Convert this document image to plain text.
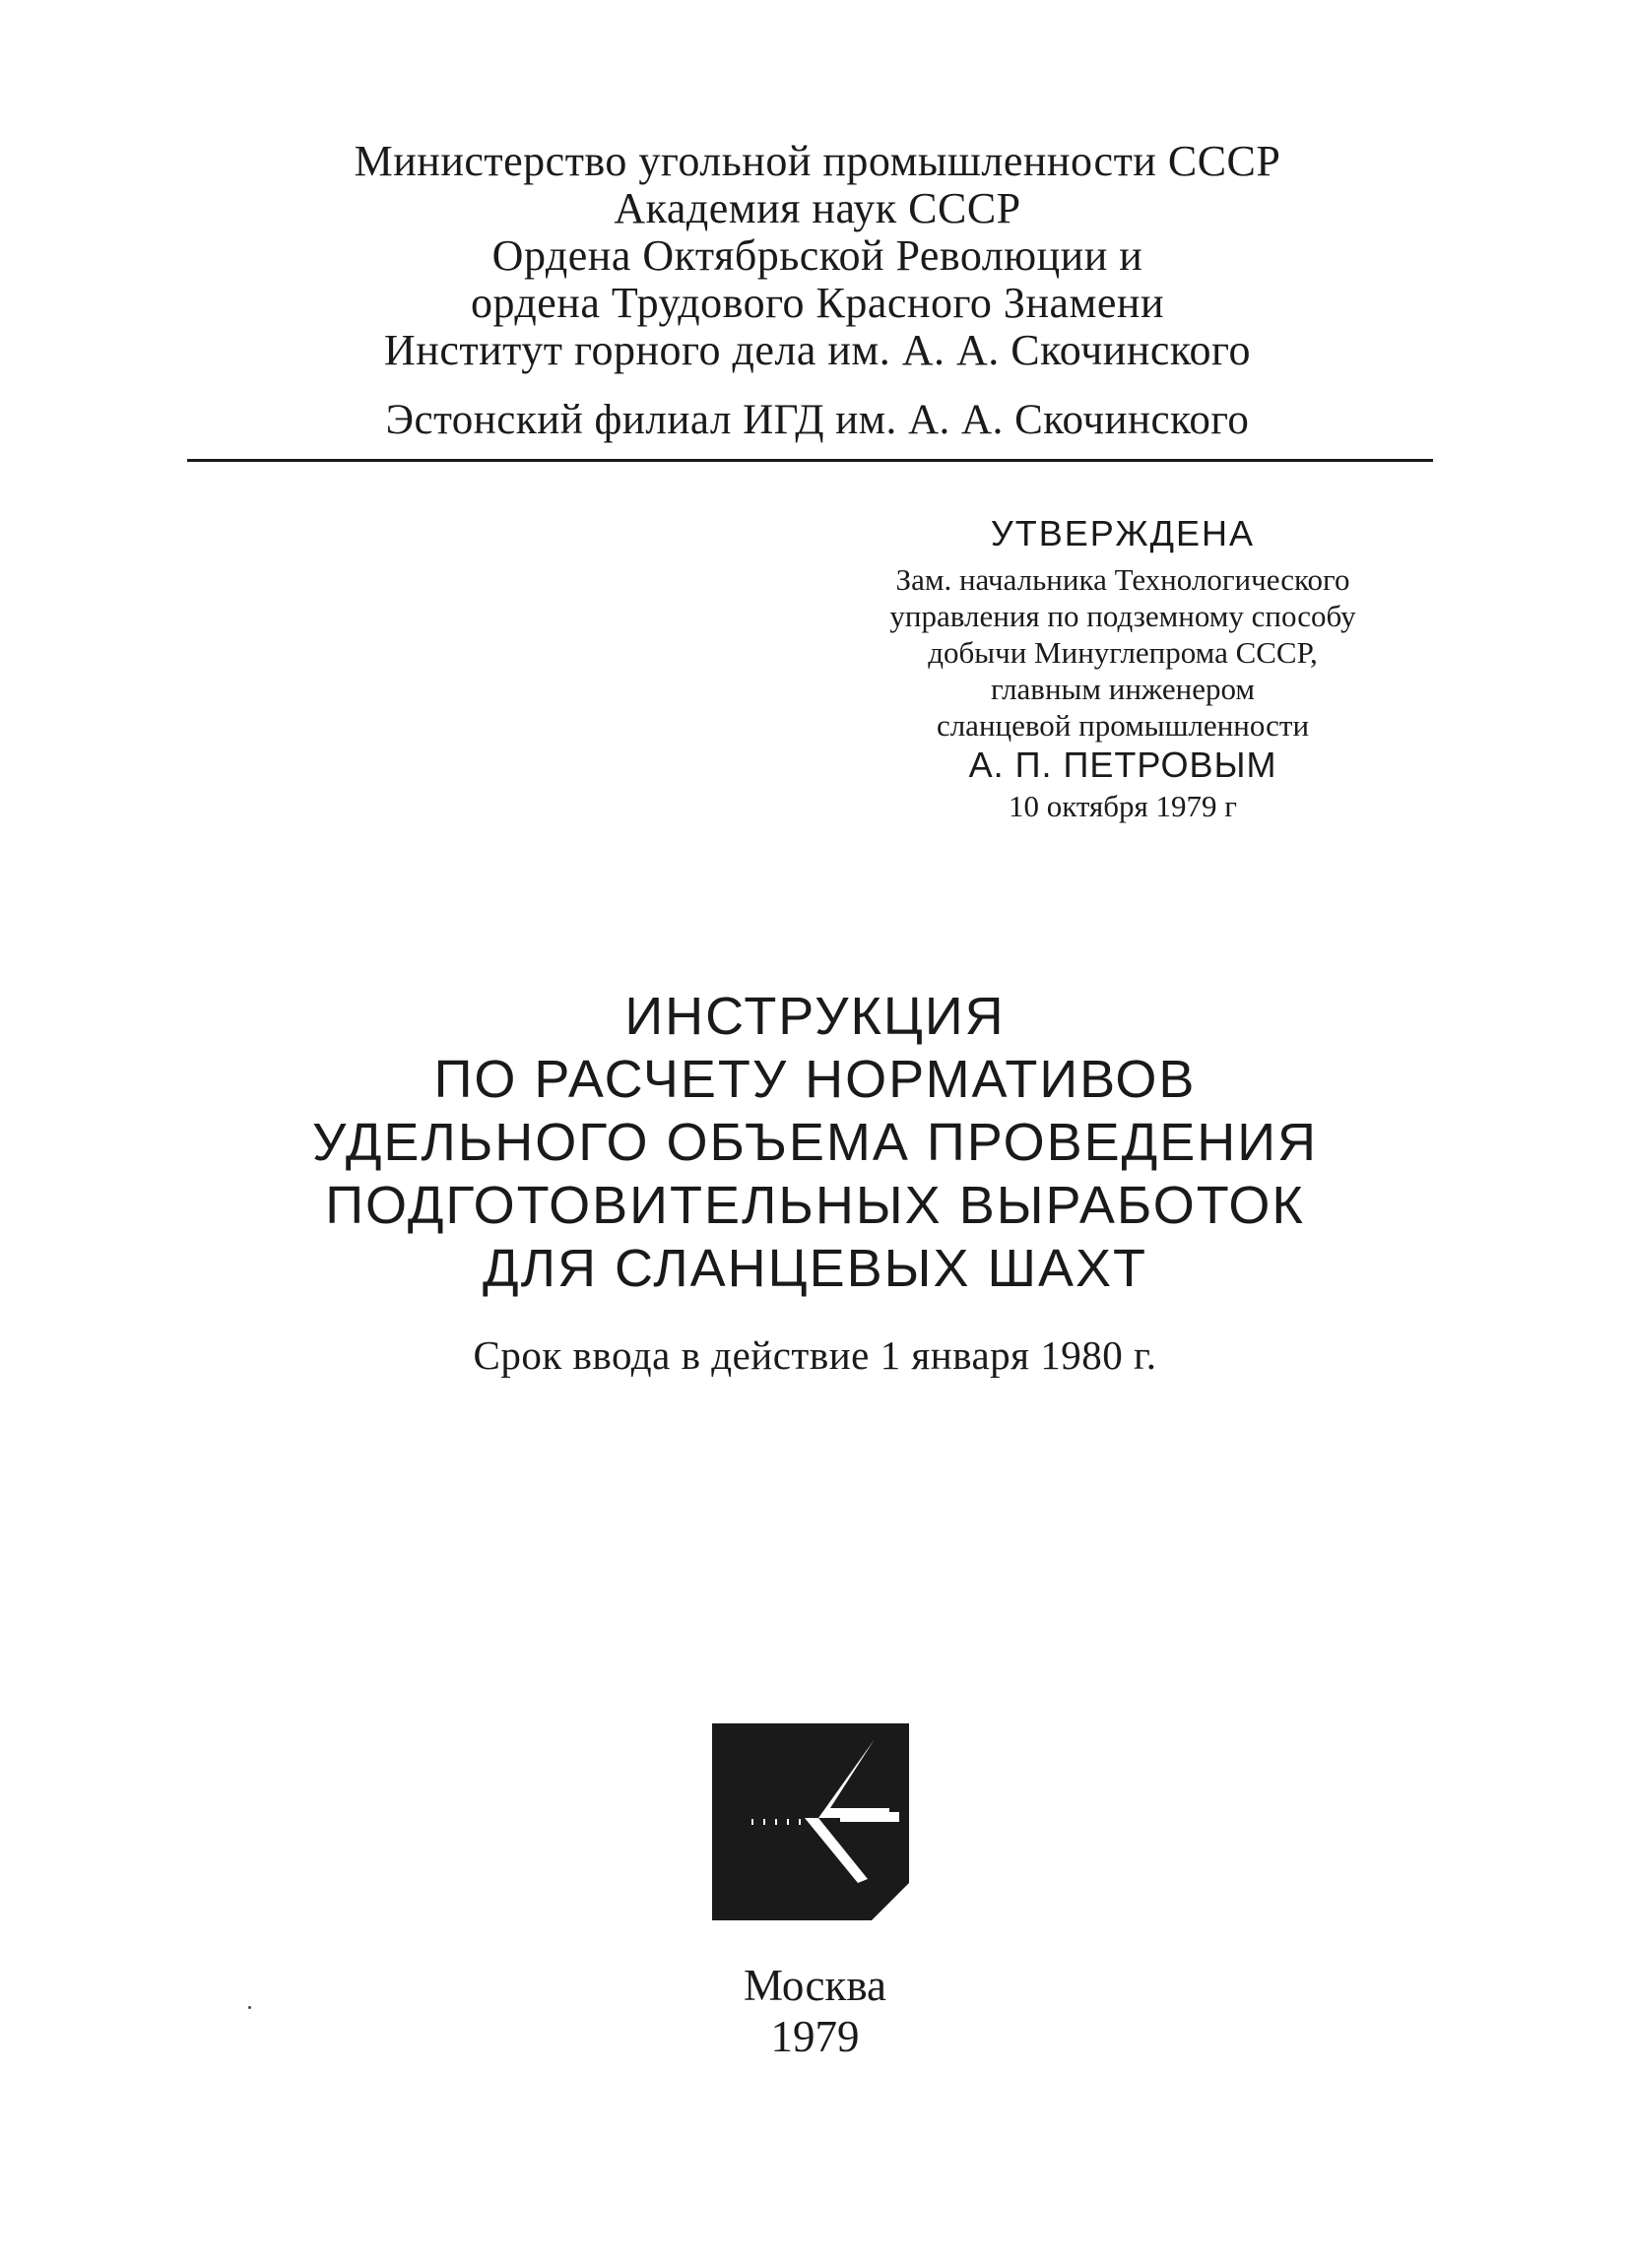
Министерство угольной промышленности СССР
Академия наук СССР
Ордена Октябрьской Революции и
ордена Трудового Красного Знамени
Институт горного дела им. А. А. Скочинского
Эстонский филиал ИГД им. А. А. Скочинского
УТВЕРЖДЕНА
Зам. начальника Технологического
управления по подземному способу
добычи Минуглепрома СССР,
главным инженером
сланцевой промышленности
А. П. ПЕТРОВЫМ
10 октября 1979 г
ИНСТРУКЦИЯ
ПО РАСЧЕТУ НОРМАТИВОВ
УДЕЛЬНОГО ОБЪЕМА ПРОВЕДЕНИЯ
ПОДГОТОВИТЕЛЬНЫХ ВЫРАБОТОК
ДЛЯ СЛАНЦЕВЫХ ШАХТ
Срок ввода в действие 1 января 1980 г.
Москва
1979
